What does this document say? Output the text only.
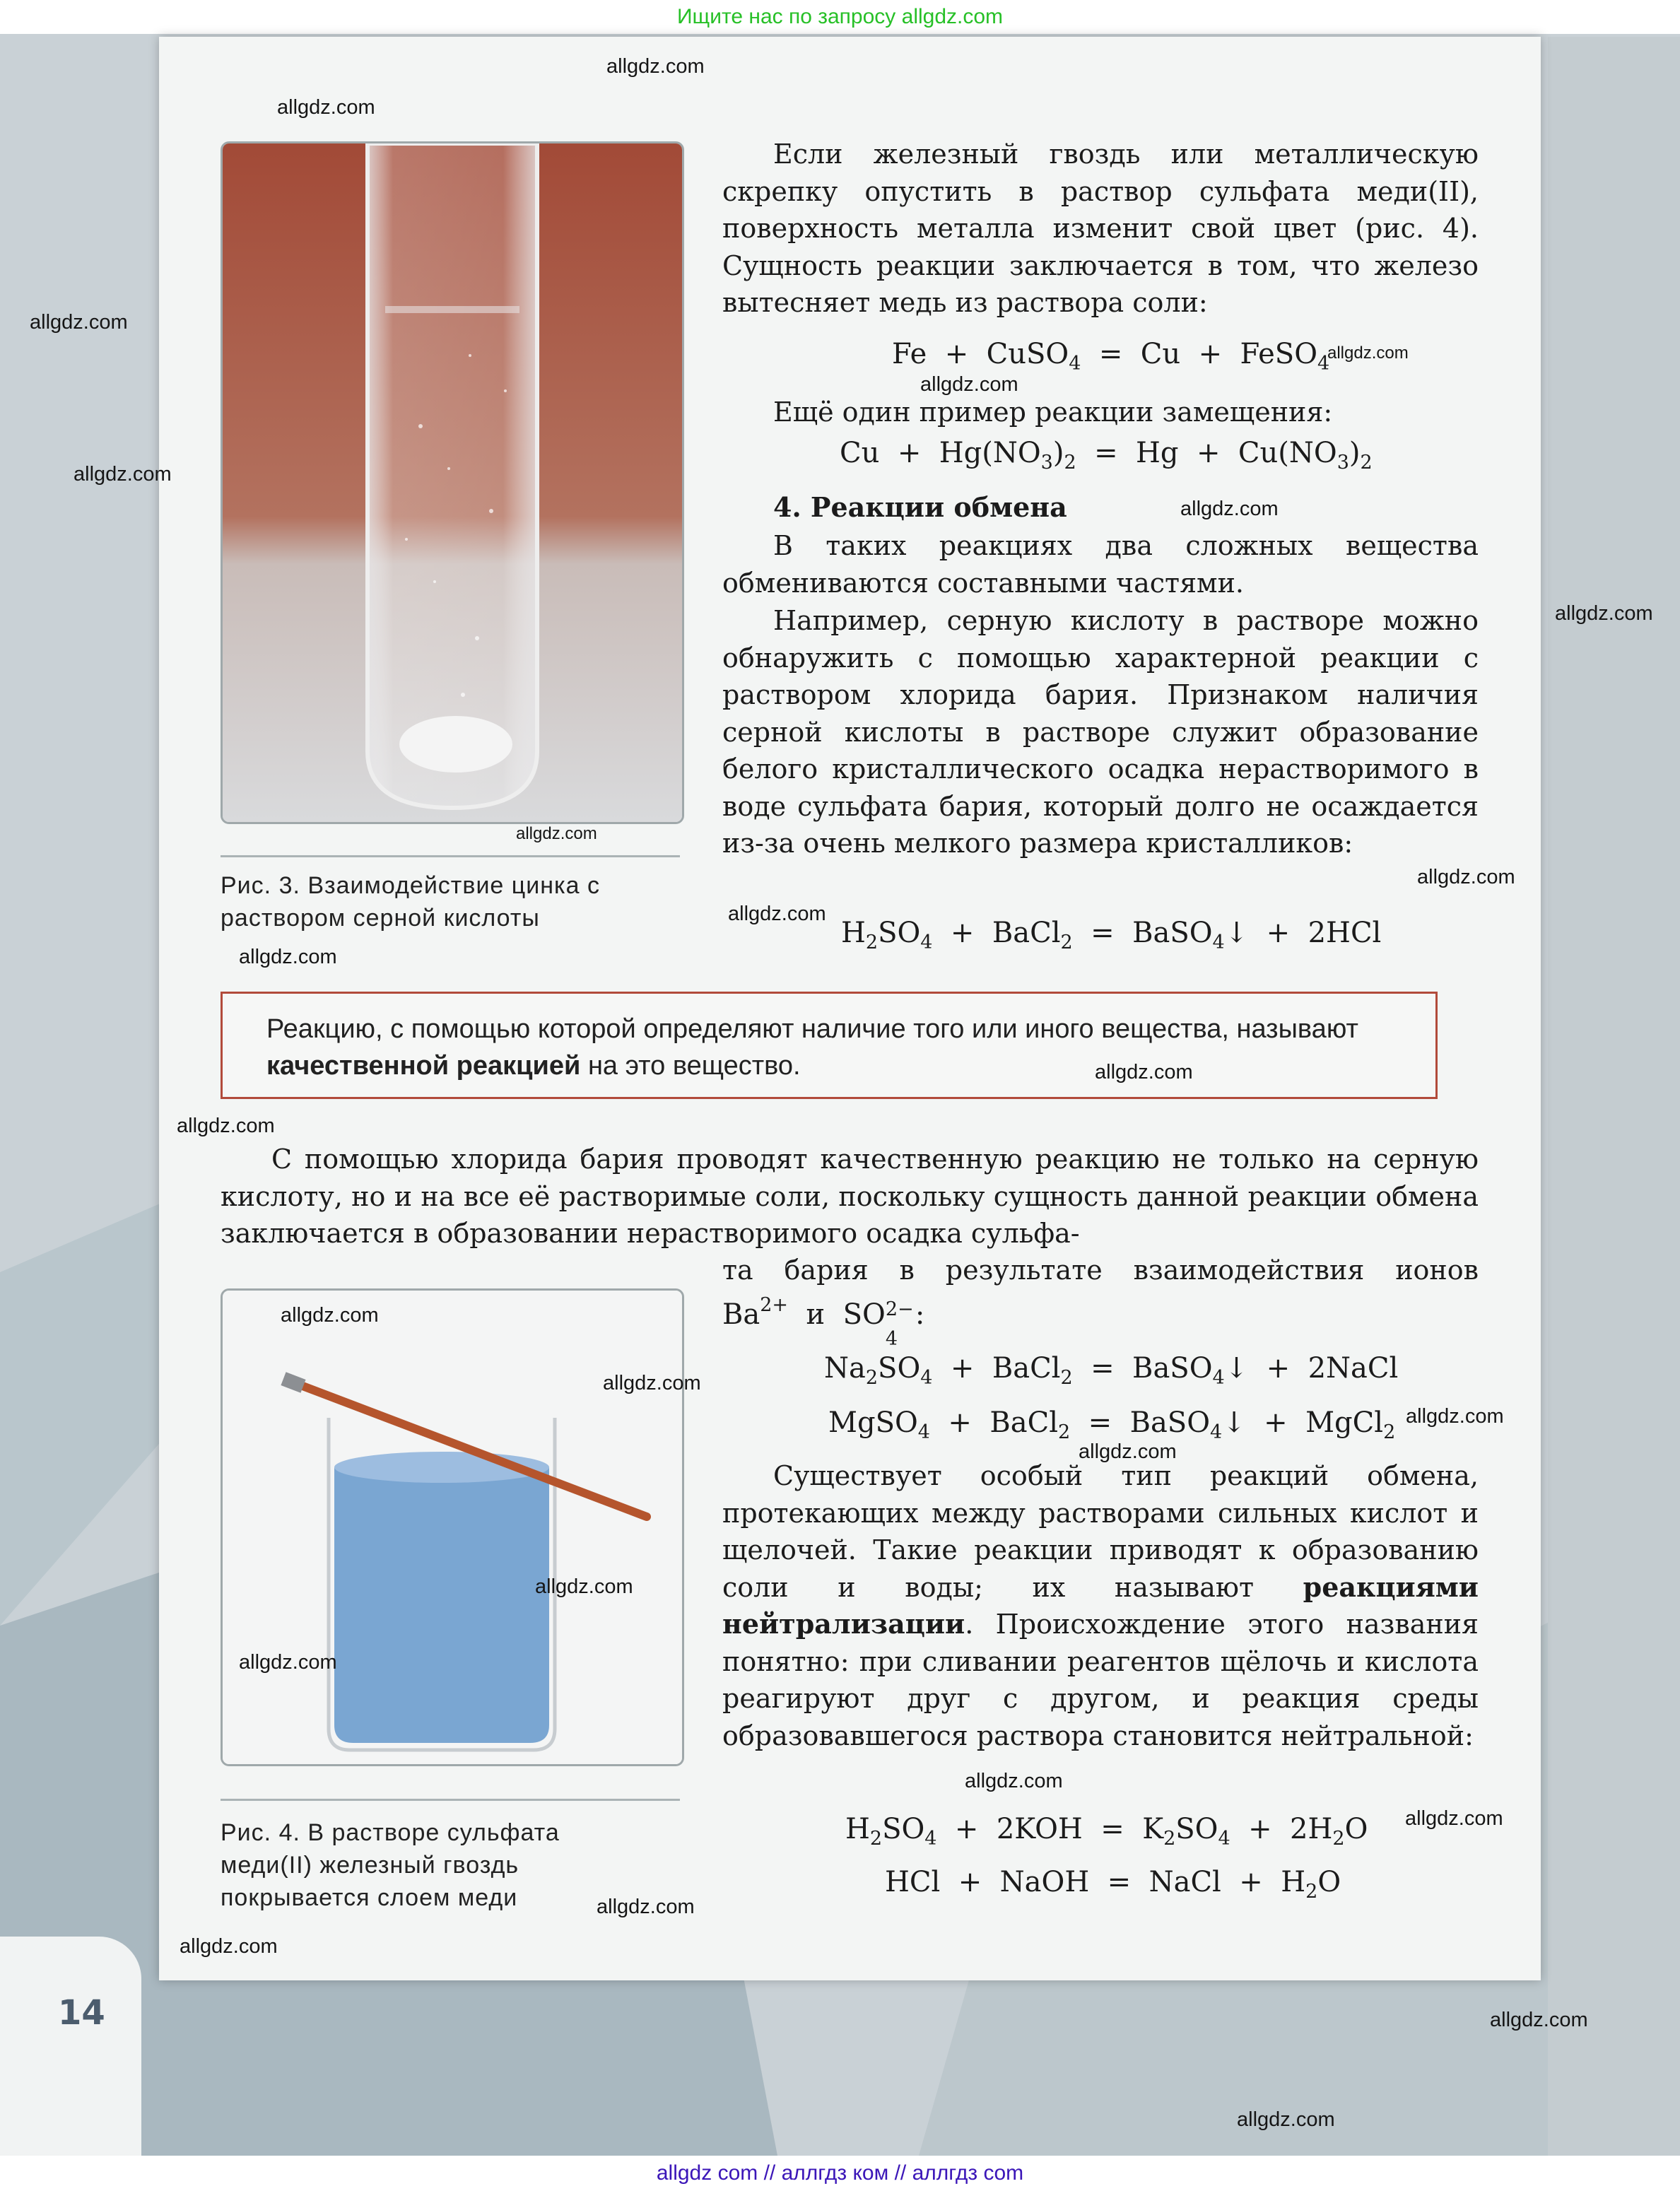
Ищите нас по запросу allgdz.com
Рис. 3. Взаимодействие цинка с раствором серной кислоты
Рис. 4. В растворе сульфата меди(II) железный гвоздь покрывается слоем меди

Если железный гвоздь или металлическую скрепку опустить в раствор сульфата меди(II), поверхность металла изменит свой цвет (рис. 4). Сущность реакции заключается в том, что железо вытесняет медь из раствора соли:

Fe + CuSO$_4$ = Cu + FeSO$_4$

Ещё один пример реакции замещения:

$Cu + Hg(NO_3)_2 = Hg + Cu(NO_3)_2$
4. Реакции обмена

В таких реакциях два сложных вещества обмениваются составными частями.

Например, серную кислоту в растворе можно обнаружить с помощью характерной реакции с раствором хлорида бария. Признаком наличия серной кислоты в растворе служит образование белого кристаллического осадка нерастворимого в воде сульфата бария, который долго не осаждается из-за очень мелкого размера кристалликов:

$H_2SO_4$ + BaCl$_2$ = BaSO$_4$↓ + 2HCl
Реакцию, с помощью которой определяют наличие того или иного вещества, называют качественной реакцией на это вещество.

С помощью хлорида бария проводят качественную реакцию не только на серную кислоту, но и на все её растворимые соли, поскольку сущность данной реакции обмена заключается в образовании нерастворимого осадка сульфа-

та бария в результате взаимодействия ионов

$Ba^{2+}$ и SO 2− :
$Na_2SO_4$ + BaCl$_2$ = BaSO$_4$↓ + 2NaCl
MgSO$_4$ + BaCl$_2$ = BaSO$_4$↓ + MgCl$_2$

Существует особый тип реакций обмена, протекающих между растворами сильных кислот и щелочей. Такие реакции приводят к образованию соли и воды; их называют реакциями нейтрализации. Происхождение этого названия понятно: при сливании реагентов щёлочь и кислота реагируют друг с другом, и реакция среды образовавшегося раствора становится нейтральной:

$H_2SO_4 + 2KOH = K_2SO_4 + 2H_2O$
HCl + NaOH = NaCl + $H_2O$
14
allgdz.com
allgdz.com
allgdz.com
allgdz.com
allgdz.com
allgdz.com
allgdz.com
allgdz.com
allgdz.com
allgdz.com
allgdz.com
allgdz.com
allgdz.com
allgdz.com
allgdz.com
allgdz.com
allgdz.com
allgdz.com
allgdz.com
allgdz.com
allgdz.com
allgdz.com
allgdz.com
allgdz.com
allgdz.com
allgdz.com
allgdz com // аллгдз ком // аллгдз com
